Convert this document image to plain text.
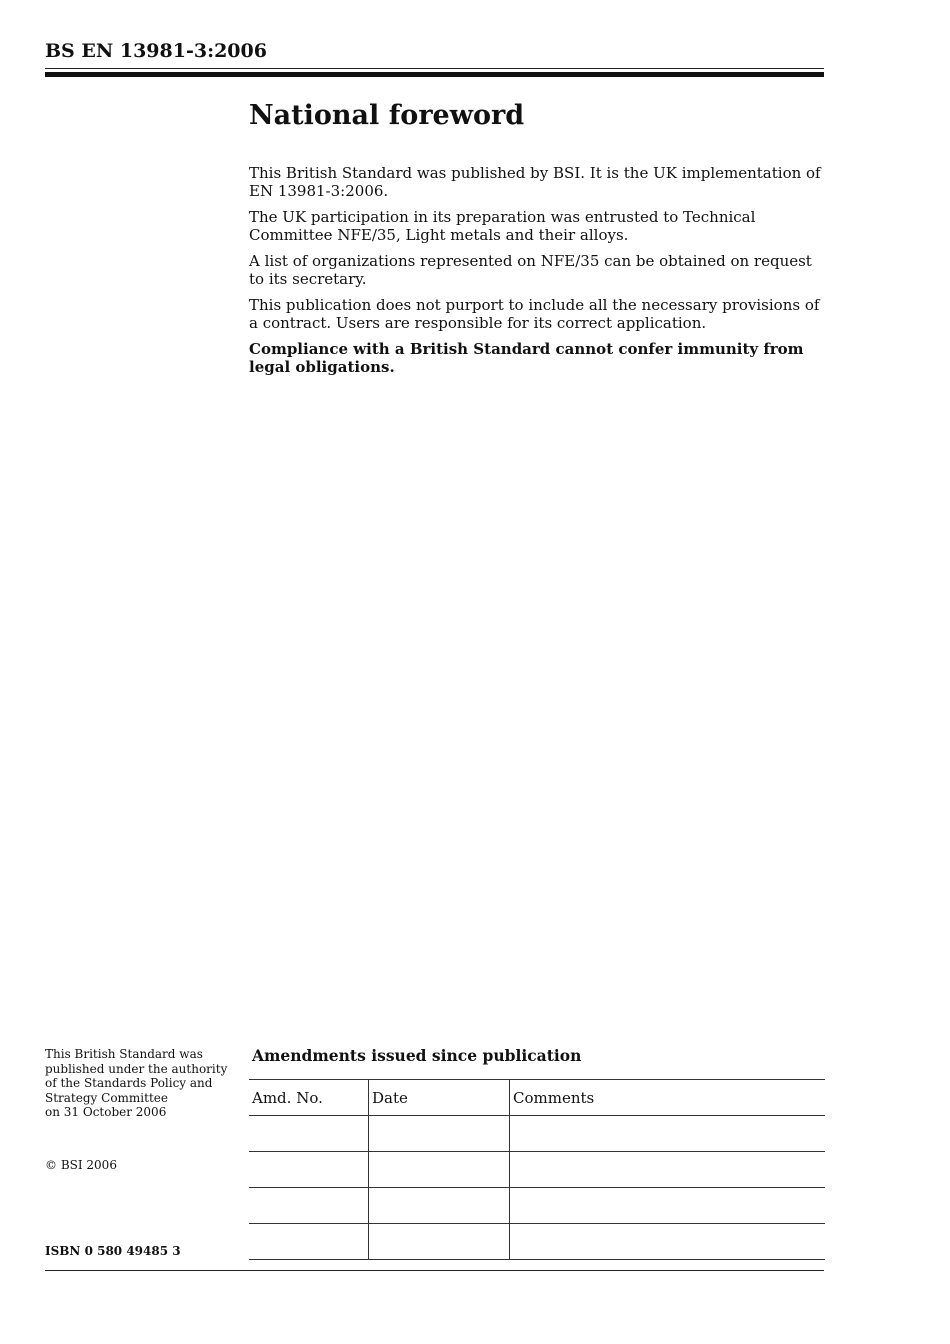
BS EN 13981-3:2006
National foreword

This British Standard was published by BSI. It is the UK implementation of EN 13981-3:2006.

The UK participation in its preparation was entrusted to Technical Committee NFE/35, Light metals and their alloys.

A list of organizations represented on NFE/35 can be obtained on request to its secretary.

This publication does not purport to include all the necessary provisions of a contract. Users are responsible for its correct application.

Compliance with a British Standard cannot confer immunity from legal obligations.

This British Standard was
published under the authority
of the Standards Policy and
Strategy Committee
on 31 October 2006
© BSI 2006
ISBN 0 580 49485 3
Amendments issued since publication
Amd. No.	Date	Comments
